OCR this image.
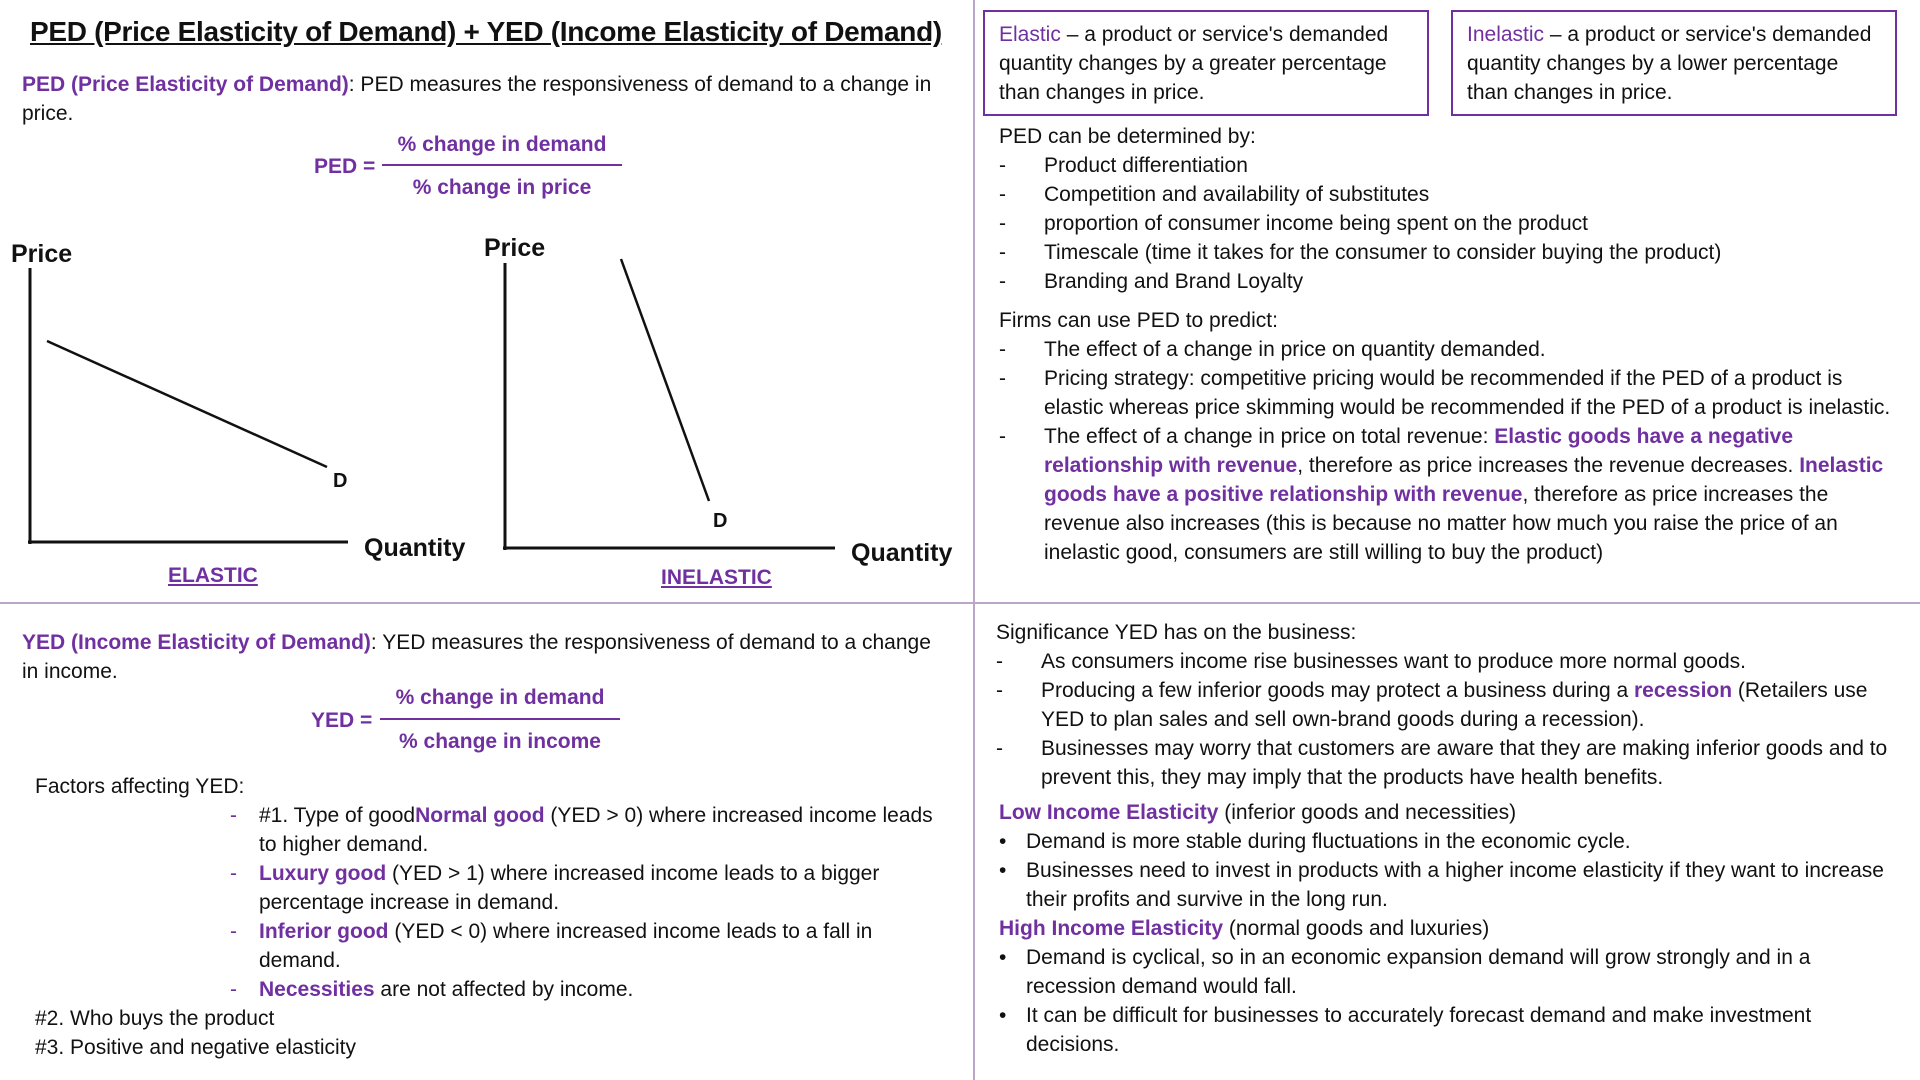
PED (Price Elasticity of Demand) + YED (Income Elasticity of Demand)
PED (Price Elasticity of Demand): PED measures the responsiveness of demand to a change in price.
PED =
% change in demand
% change in price
Price
D
Quantity
ELASTIC
Price
D
Quantity
INELASTIC
Elastic – a product or service's demanded quantity changes by a greater percentage than changes in price.
Inelastic – a product or service's demanded quantity changes by a lower percentage than changes in price.
PED can be determined by:
- Product differentiation
- Competition and availability of substitutes
- proportion of consumer income being spent on the product
- Timescale (time it takes for the consumer to consider buying the product)
- Branding and Brand Loyalty
Firms can use PED to predict:
- The effect of a change in price on quantity demanded.
- Pricing strategy: competitive pricing would be recommended if the PED of a product is elastic whereas price skimming would be recommended if the PED of a product is inelastic.
- The effect of a change in price on total revenue: Elastic goods have a negative relationship with revenue, therefore as price increases the revenue decreases. Inelastic goods have a positive relationship with revenue, therefore as price increases the revenue also increases (this is because no matter how much you raise the price of an inelastic good, consumers are still willing to buy the product)
YED (Income Elasticity of Demand): YED measures the responsiveness of demand to a change in income.
YED =
% change in demand
% change in income
Factors affecting YED:
#1. Type of good
-	Normal good (YED > 0) where increased income leads to higher demand.
- Luxury good (YED > 1) where increased income leads to a bigger percentage increase in demand.
- Inferior good (YED < 0) where increased income leads to a fall in demand.
- Necessities are not affected by income.
#2. Who buys the product
#3. Positive and negative elasticity
Significance YED has on the business:
- As consumers income rise businesses want to produce more normal goods.
- Producing a few inferior goods may protect a business during a recession (Retailers use YED to plan sales and sell own-brand goods during a recession).
- Businesses may worry that customers are aware that they are making inferior goods and to prevent this, they may imply that the products have health benefits.
Low Income Elasticity (inferior goods and necessities)
• Demand is more stable during fluctuations in the economic cycle.
• Businesses need to invest in products with a higher income elasticity if they want to increase their profits and survive in the long run.
High Income Elasticity (normal goods and luxuries)
• Demand is cyclical, so in an economic expansion demand will grow strongly and in a recession demand would fall.
• It can be difficult for businesses to accurately forecast demand and make investment decisions.
